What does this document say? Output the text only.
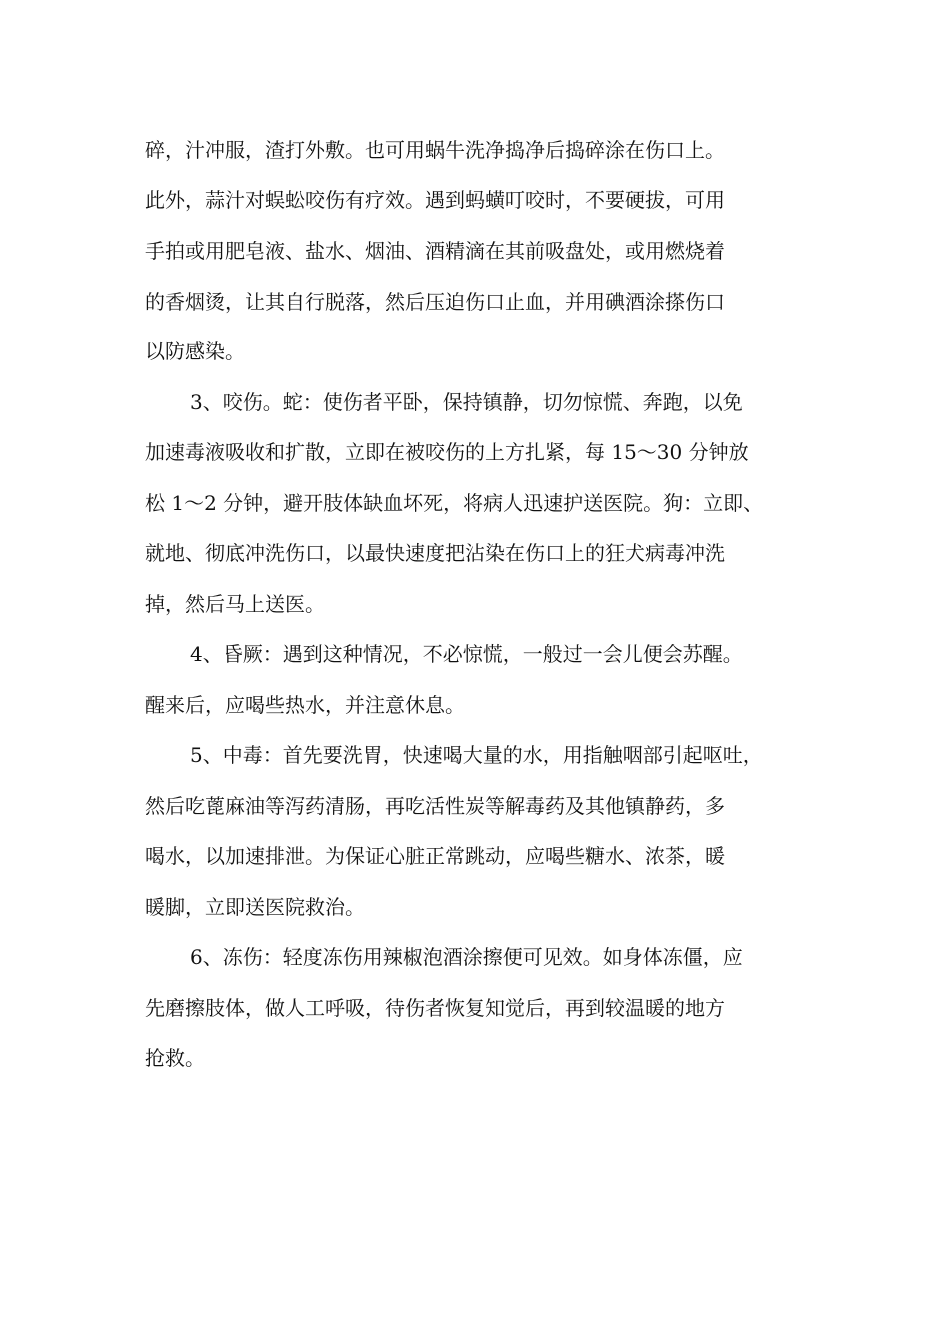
碎，汁冲服，渣打外敷。也可用蜗牛洗净捣净后捣碎涂在伤口上。

此外，蒜汁对蜈蚣咬伤有疗效。遇到蚂蟥叮咬时，不要硬拔，可用

手拍或用肥皂液、盐水、烟油、酒精滴在其前吸盘处，或用燃烧着

的香烟烫，让其自行脱落，然后压迫伤口止血，并用碘酒涂搽伤口

以防感染。

3、咬伤。蛇：使伤者平卧，保持镇静，切勿惊慌、奔跑，以免

加速毒液吸收和扩散，立即在被咬伤的上方扎紧，每 15～30 分钟放

松 1～2 分钟，避开肢体缺血坏死，将病人迅速护送医院。狗：立即、

就地、彻底冲洗伤口，以最快速度把沾染在伤口上的狂犬病毒冲洗

掉，然后马上送医。

4、昏厥：遇到这种情况，不必惊慌，一般过一会儿便会苏醒。

醒来后，应喝些热水，并注意休息。

5、中毒：首先要洗胃，快速喝大量的水，用指触咽部引起呕吐，

然后吃蓖麻油等泻药清肠，再吃活性炭等解毒药及其他镇静药，多

喝水，以加速排泄。为保证心脏正常跳动，应喝些糖水、浓茶，暖

暖脚，立即送医院救治。

6、冻伤：轻度冻伤用辣椒泡酒涂擦便可见效。如身体冻僵，应

先磨擦肢体，做人工呼吸，待伤者恢复知觉后，再到较温暖的地方

抢救。
